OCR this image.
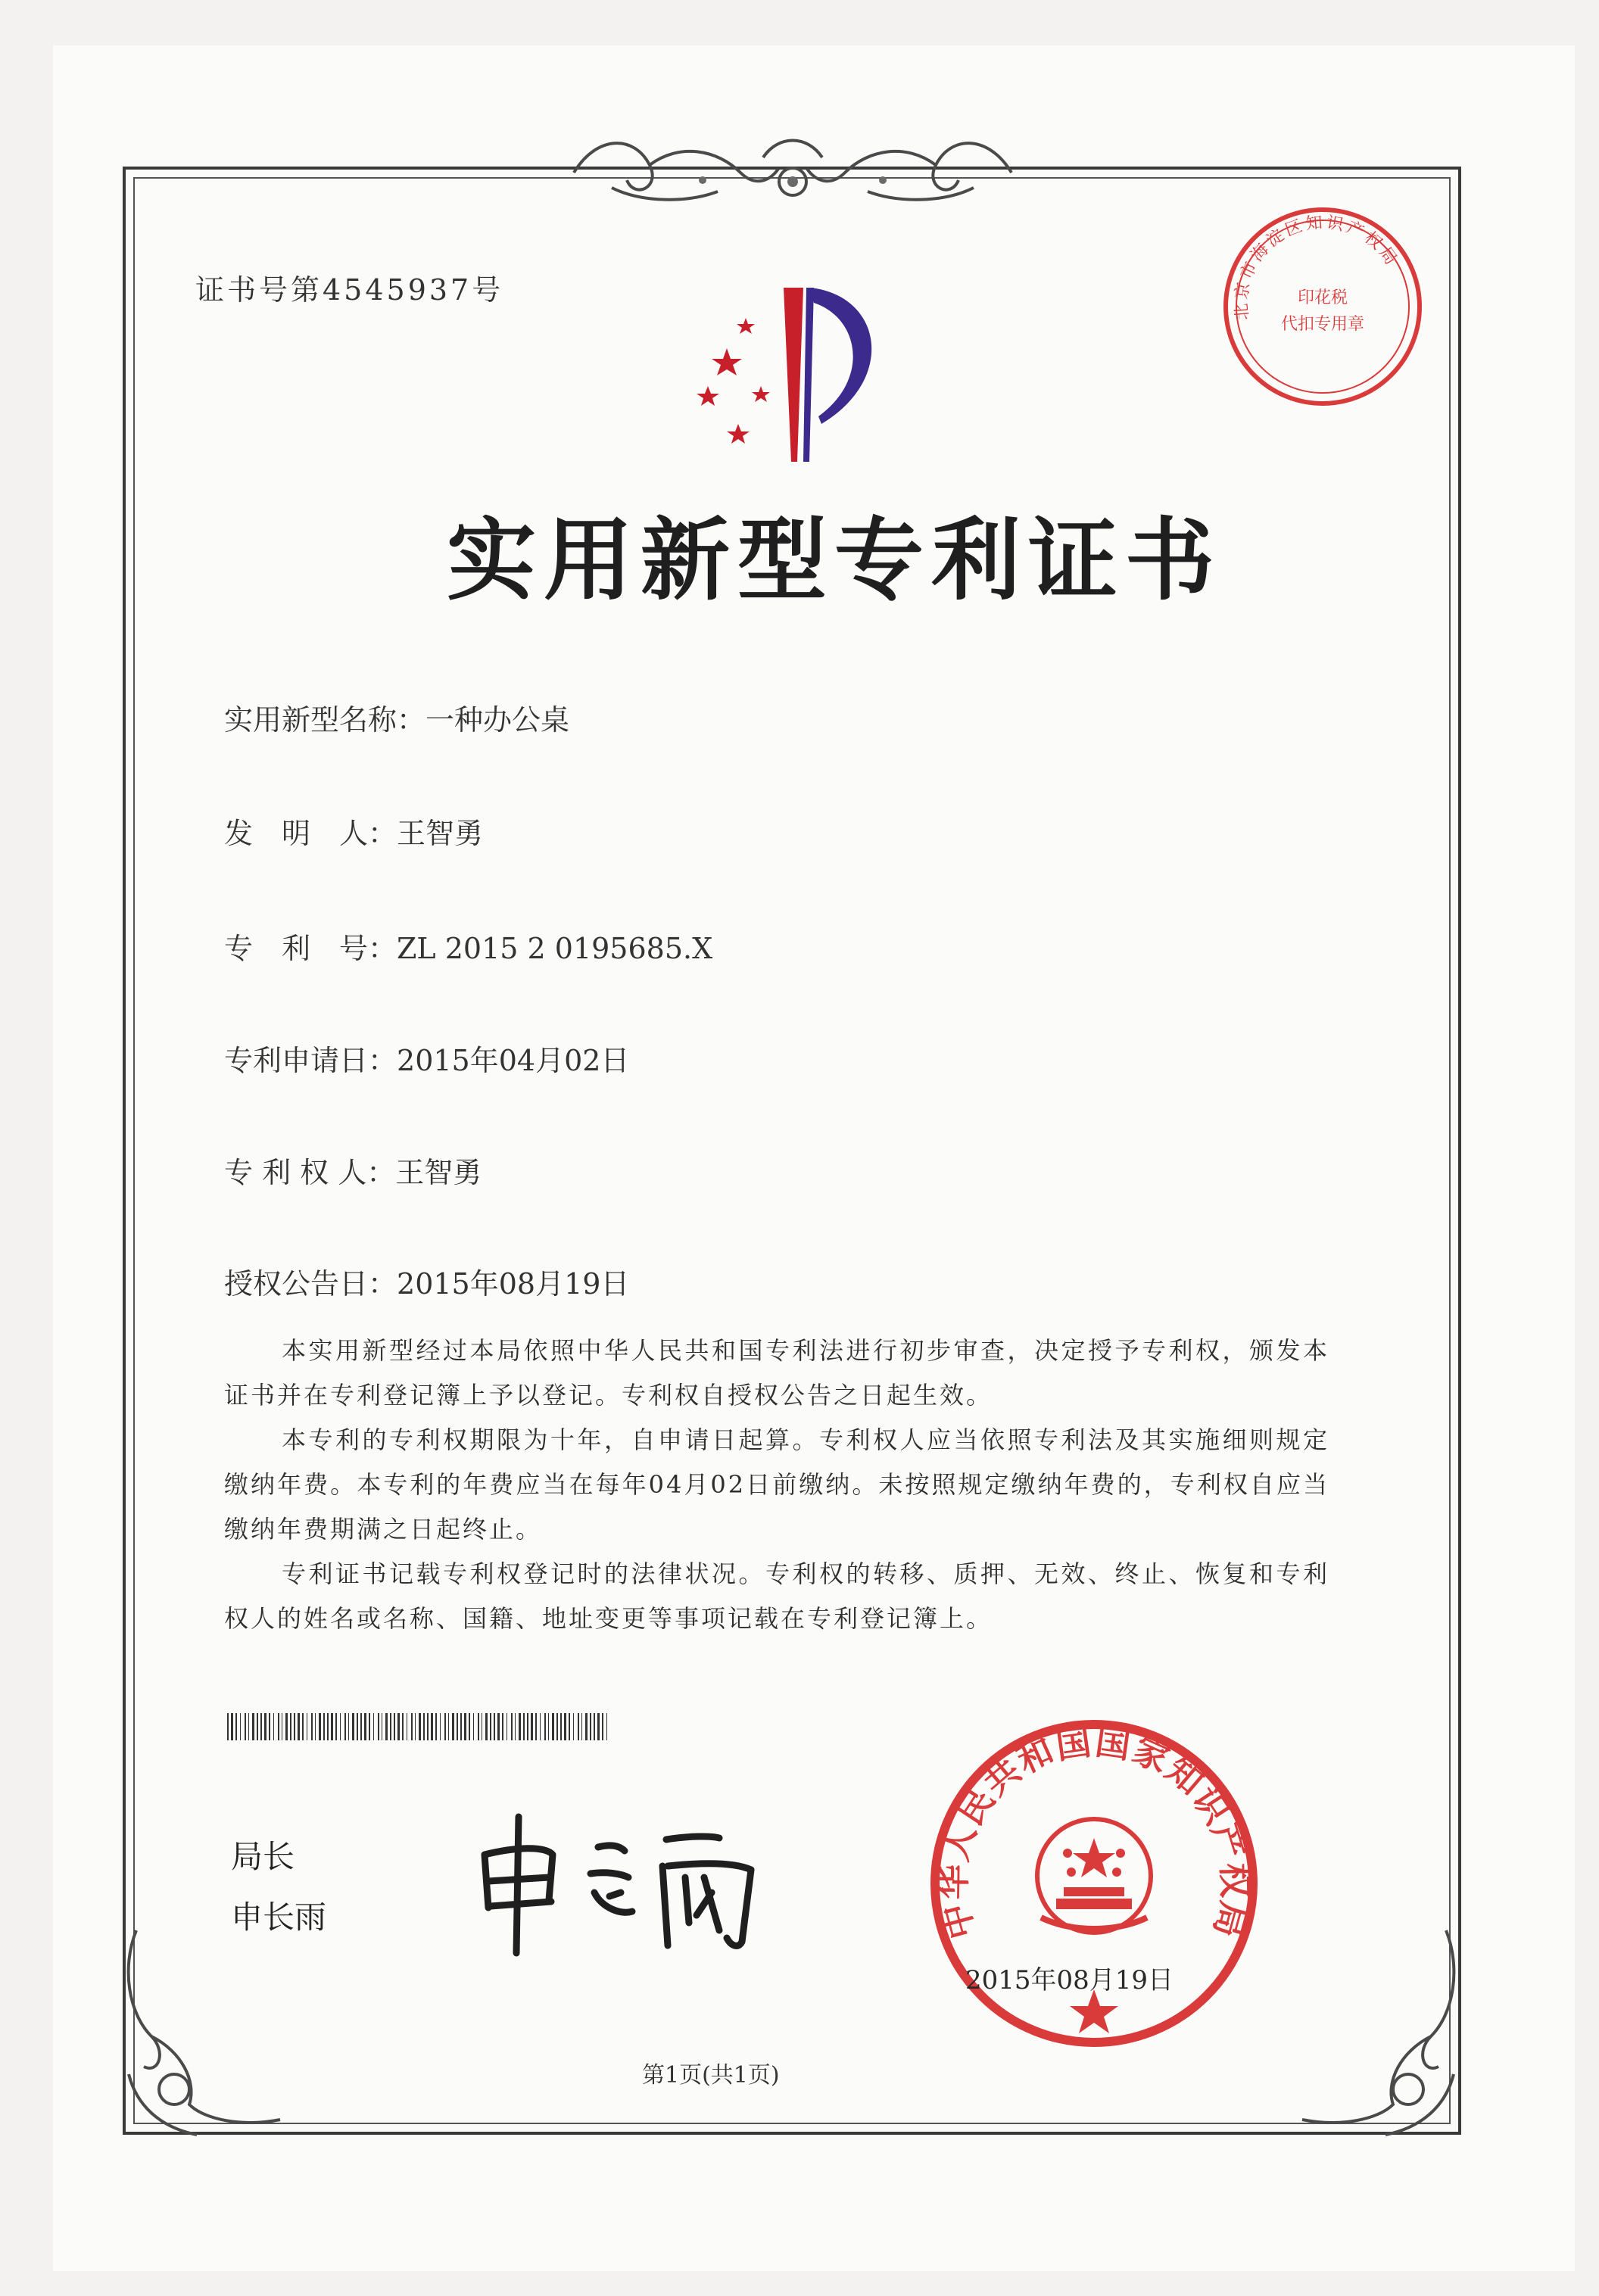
证书号第4545937号
北京市海淀区知识产权局
印花税
代扣专用章
实用新型专利证书
实用新型名称：一种办公桌
发　明　人：王智勇
专　利　号：ZL 2015 2 0195685.X
专利申请日：2015年04月02日
专 利 权 人：王智勇
授权公告日：2015年08月19日

本实用新型经过本局依照中华人民共和国专利法进行初步审查，决定授予专利权，颁发本证书并在专利登记簿上予以登记。专利权自授权公告之日起生效。

本专利的专利权期限为十年，自申请日起算。专利权人应当依照专利法及其实施细则规定缴纳年费。本专利的年费应当在每年04月02日前缴纳。未按照规定缴纳年费的，专利权自应当缴纳年费期满之日起终止。

专利证书记载专利权登记时的法律状况。专利权的转移、质押、无效、终止、恢复和专利权人的姓名或名称、国籍、地址变更等事项记载在专利登记簿上。

局长
申长雨	中华人民共和国国家知识产权局
2015年08月19日
第1页(共1页)
